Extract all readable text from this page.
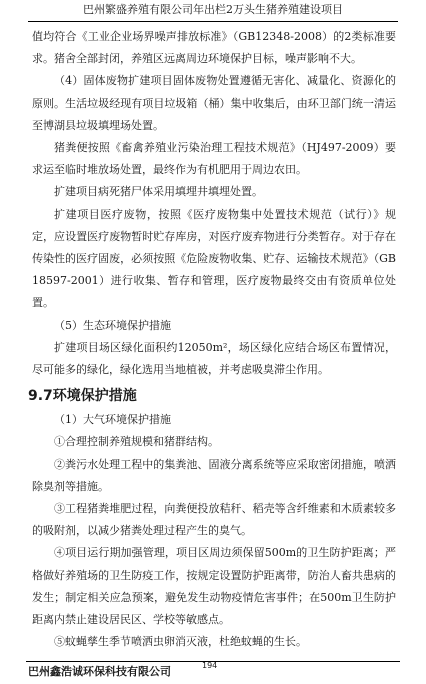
巴州繁盛养殖有限公司年出栏2万头生猪养殖建设项目

值均符合《工业企业场界噪声排放标准》（GB12348-2008）的2类标准要求。猪舍全部封闭，养殖区远离周边环境保护目标，噪声影响不大。

（4）固体废物扩建项目固体废物处置遵循无害化、减量化、资源化的原则。生活垃圾经现有项目垃圾箱（桶）集中收集后，由环卫部门统一清运至博湖县垃圾填埋场处置。

猪粪便按照《畜禽养殖业污染治理工程技术规范》（HJ497-2009）要求运至临时堆放场处置，最终作为有机肥用于周边农田。

扩建项目病死猪尸体采用填埋井填埋处置。

扩建项目医疗废物，按照《医疗废物集中处置技术规范（试行）》规定，应设置医疗废物暂时贮存库房，对医疗废弃物进行分类暂存。对于存在传染性的医疗固废，必须按照《危险废物收集、贮存、运输技术规范》（GB18597-2001）进行收集、暂存和管理，医疗废物最终交由有资质单位处置。

（5）生态环境保护措施

扩建项目场区绿化面积约12050m²，场区绿化应结合场区布置情况，尽可能多的绿化，绿化选用当地植被，并考虑吸臭滞尘作用。

9.7环境保护措施

（1）大气环境保护措施

①合理控制养殖规模和猪群结构。

②粪污水处理工程中的集粪池、固液分离系统等应采取密闭措施，喷洒除臭剂等措施。

③工程猪粪堆肥过程，向粪便投放秸秆、稻壳等含纤维素和木质素较多的吸附剂，以减少猪粪处理过程产生的臭气。

④项目运行期加强管理，项目区周边须保留500m的卫生防护距离；严格做好养殖场的卫生防疫工作，按规定设置防护距离带，防治人畜共患病的发生；制定相关应急预案，避免发生动物疫情危害事件；在500m卫生防护距离内禁止建设居民区、学校等敏感点。

⑤蚊蝇孳生季节喷洒虫卵消灭液，杜绝蚊蝇的生长。

巴州鑫浩诚环保科技有限公司	194
